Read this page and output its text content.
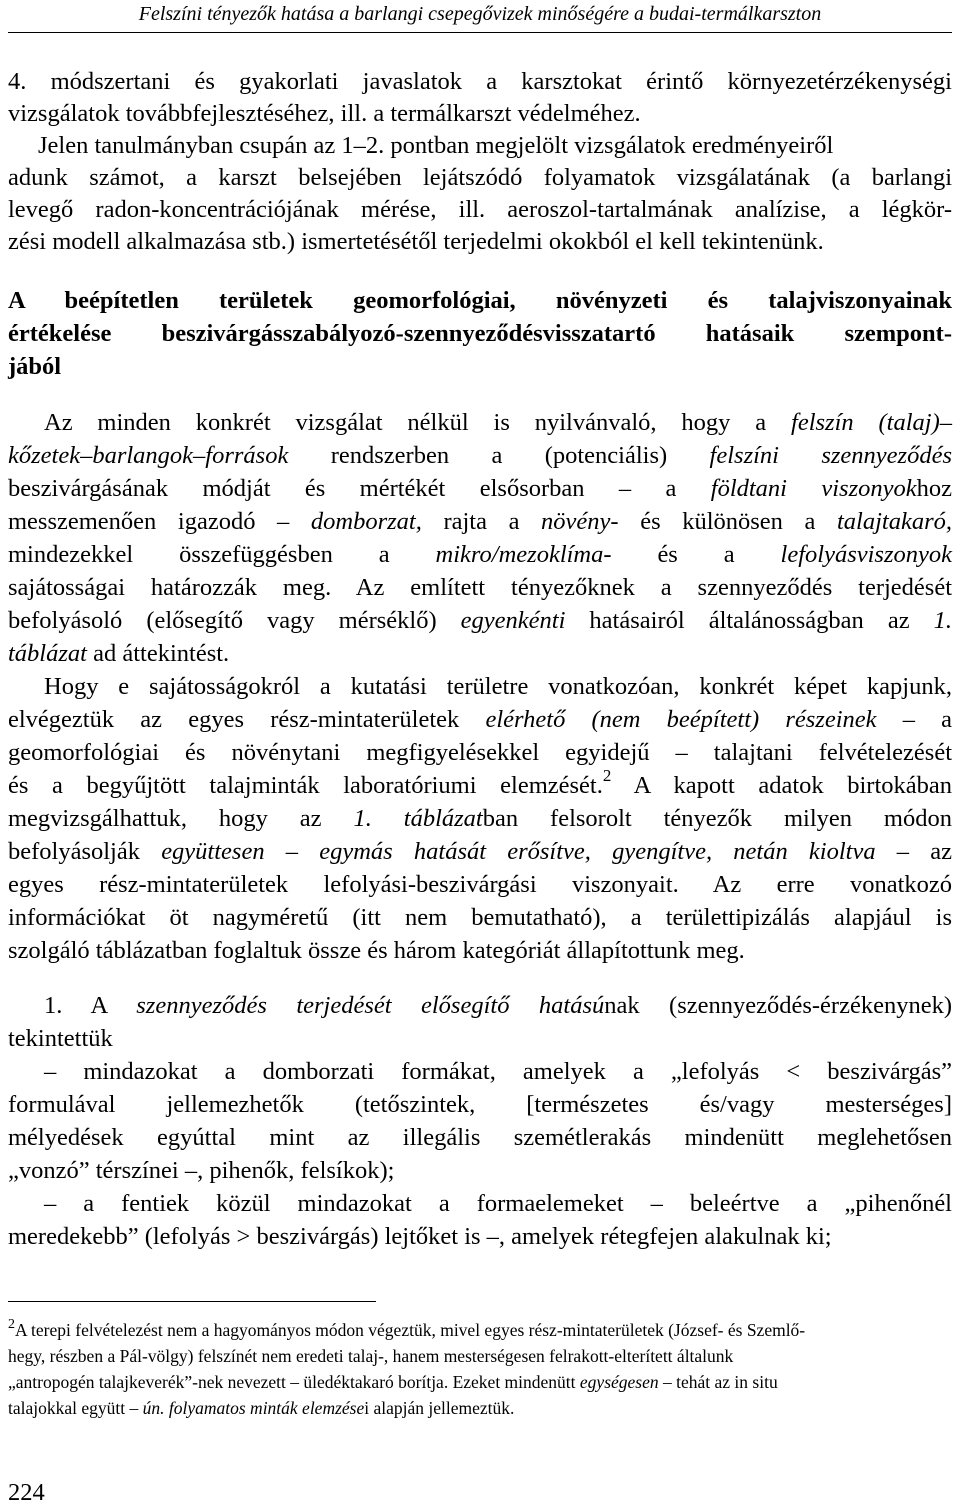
Felszíni tényezők hatása a barlangi csepegővizek minőségére a budai-termálkarszton

4. módszertani és gyakorlati javaslatok a karsztokat érintő környezetérzékenységi

vizsgálatok továbbfejlesztéséhez, ill. a termálkarszt védelméhez.

Jelen tanulmányban csupán az 1–2. pontban megjelölt vizsgálatok eredményeiről

adunk számot, a karszt belsejében lejátszódó folyamatok vizsgálatának (a barlangi

levegő radon-koncentrációjának mérése, ill. aeroszol-tartalmának analízise, a légkör-

zési modell alkalmazása stb.) ismertetésétől terjedelmi okokból el kell tekintenünk.

A beépítetlen területek geomorfológiai, növényzeti és talajviszonyainak

értékelése beszivárgásszabályozó-szennyeződésvisszatartó hatásaik szempont-

jából

Az minden konkrét vizsgálat nélkül is nyilvánvaló, hogy a felszín (talaj)–

kőzetek–barlangok–források rendszerben a (potenciális) felszíni szennyeződés

beszivárgásának módját és mértékét elsősorban – a földtani viszonyokhoz

messzemenően igazodó – domborzat, rajta a növény- és különösen a talajtakaró,

mindezekkel összefüggésben a mikro/mezoklíma- és a lefolyásviszonyok

sajátosságai határozzák meg. Az említett tényezőknek a szennyeződés terjedését

befolyásoló (elősegítő vagy mérséklő) egyenkénti hatásairól általánosságban az 1.

táblázat ad áttekintést.

Hogy e sajátosságokról a kutatási területre vonatkozóan, konkrét képet kapjunk,

elvégeztük az egyes rész-mintaterületek elérhető (nem beépített) részeinek – a

geomorfológiai és növénytani megfigyelésekkel egyidejű – talajtani felvételezését

és a begyűjtött talajminták laboratóriumi elemzését.$^2$ A kapott adatok birtokában

megvizsgálhattuk, hogy az 1. táblázatban felsorolt tényezők milyen módon

befolyásolják együttesen – egymás hatását erősítve, gyengítve, netán kioltva – az

egyes rész-mintaterületek lefolyási-beszivárgási viszonyait. Az erre vonatkozó

információkat öt nagyméretű (itt nem bemutatható), a területtipizálás alapjául is

szolgáló táblázatban foglaltuk össze és három kategóriát állapítottunk meg.

1. A szennyeződés terjedését elősegítő hatásúnak (szennyeződés-érzékenynek)

tekintettük

– mindazokat a domborzati formákat, amelyek a „lefolyás < beszivárgás”

formulával jellemezhetők (tetőszintek, [természetes és/vagy mesterséges]

mélyedések egyúttal mint az illegális szemétlerakás mindenütt meglehetősen

„vonzó” térszínei –, pihenők, felsíkok);

– a fentiek közül mindazokat a formaelemeket – beleértve a „pihenőnél

meredekebb” (lefolyás > beszivárgás) lejtőket is –, amelyek rétegfejen alakulnak ki;

$^2$A terepi felvételezést nem a hagyományos módon végeztük, mivel egyes rész-mintaterületek (József- és Szemlő-

hegy, részben a Pál-völgy) felszínét nem eredeti talaj-, hanem mesterségesen felrakott-elterített általunk

„antropogén talajkeverék”-nek nevezett – üledéktakaró borítja. Ezeket mindenütt egységesen – tehát az in situ

talajokkal együtt – ún. folyamatos minták elemzései alapján jellemeztük.

224
